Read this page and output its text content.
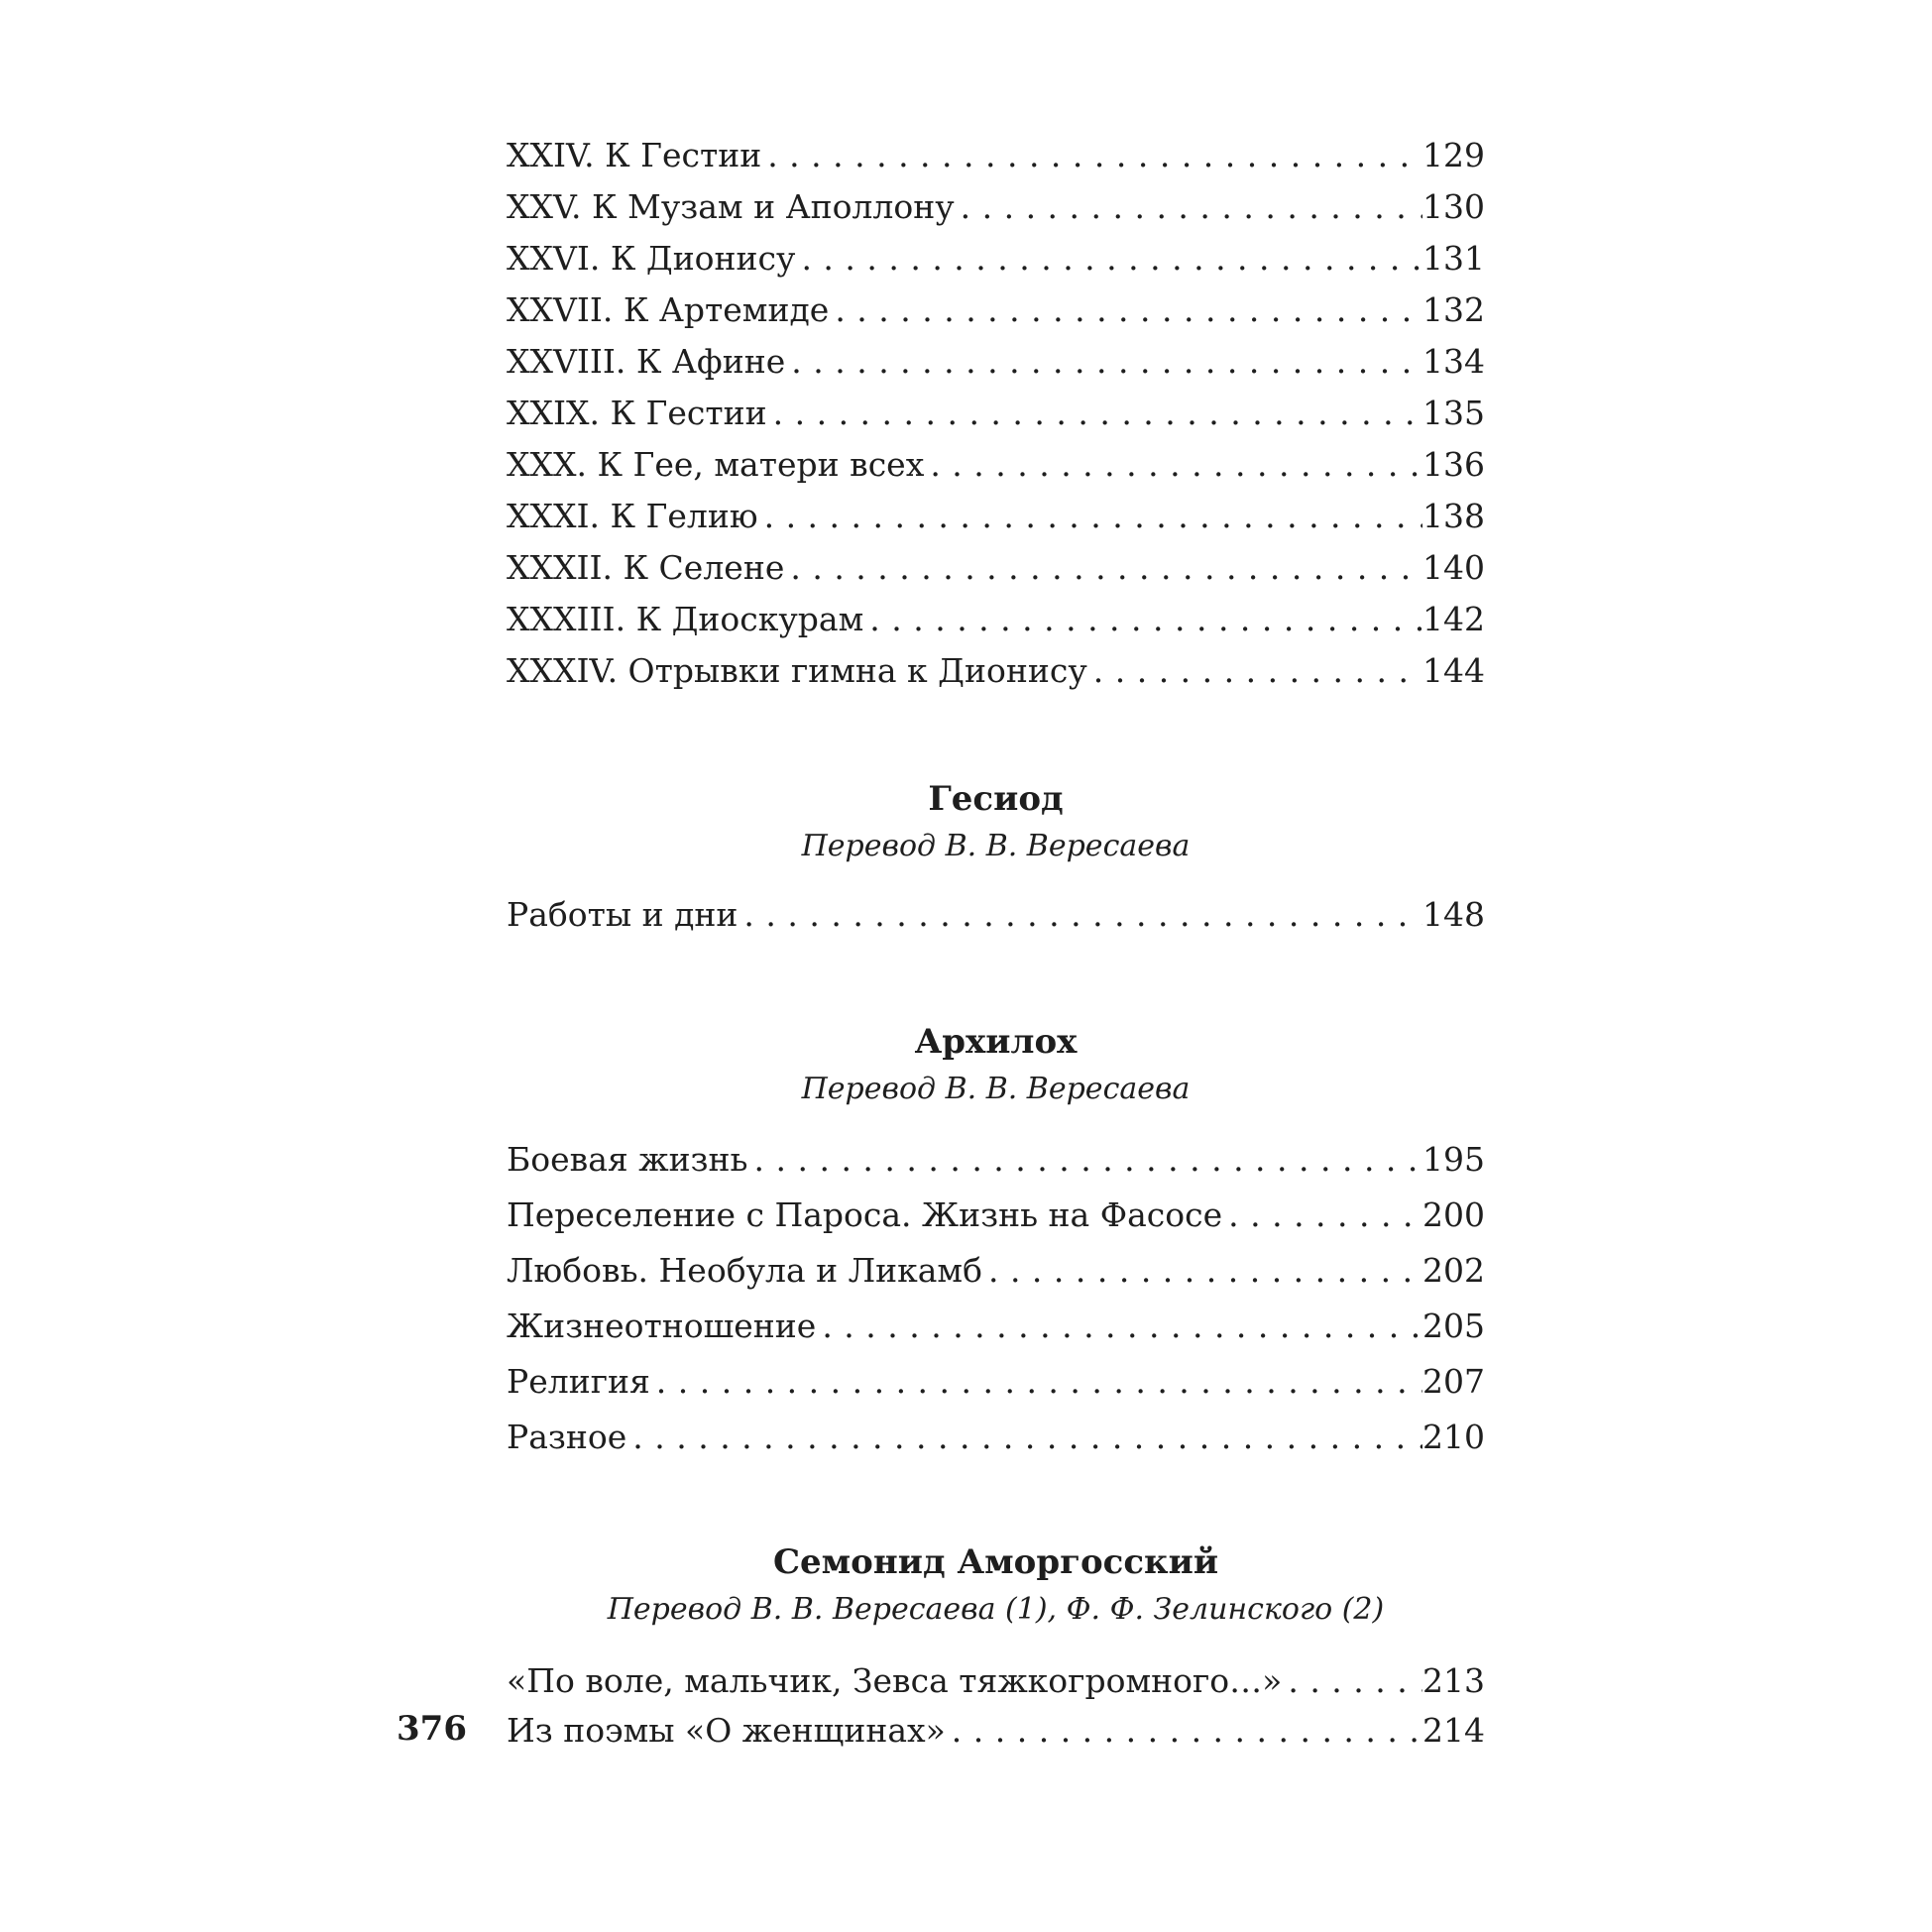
XXIV. К Гестии . . .	129
XXV. К Музам и Аполлону . . .	130
XXVI. К Дионису . . .	131
XXVII. К Артемиде . . .	132
XXVIII. К Афине . . .	134
XXIX. К Гестии . . .	135
XXX. К Гее, матери всех . . .	136
XXXI. К Гелию . . .	138
XXXII. К Селене . . .	140
XXXIII. К Диоскурам . . .	142
XXXIV. Отрывки гимна к Дионису . . .	144
Гесиод
Перевод В. В. Вересаева
Работы и дни . . .	148
Архилох
Перевод В. В. Вересаева
Боевая жизнь . . .	195
Переселение с Пароса. Жизнь на Фасосе . . .	200
Любовь. Необула и Ликамб . . .	202
Жизнеотношение . . .	205
Религия . . .	207
Разное . . .	210
Семонид Аморгосский
Перевод В. В. Вересаева (1), Ф. Ф. Зелинского (2)
«По воле, мальчик, Зевса тяжкогромного…» . . .	213
Из поэмы «О женщинах» . . .	214
376
